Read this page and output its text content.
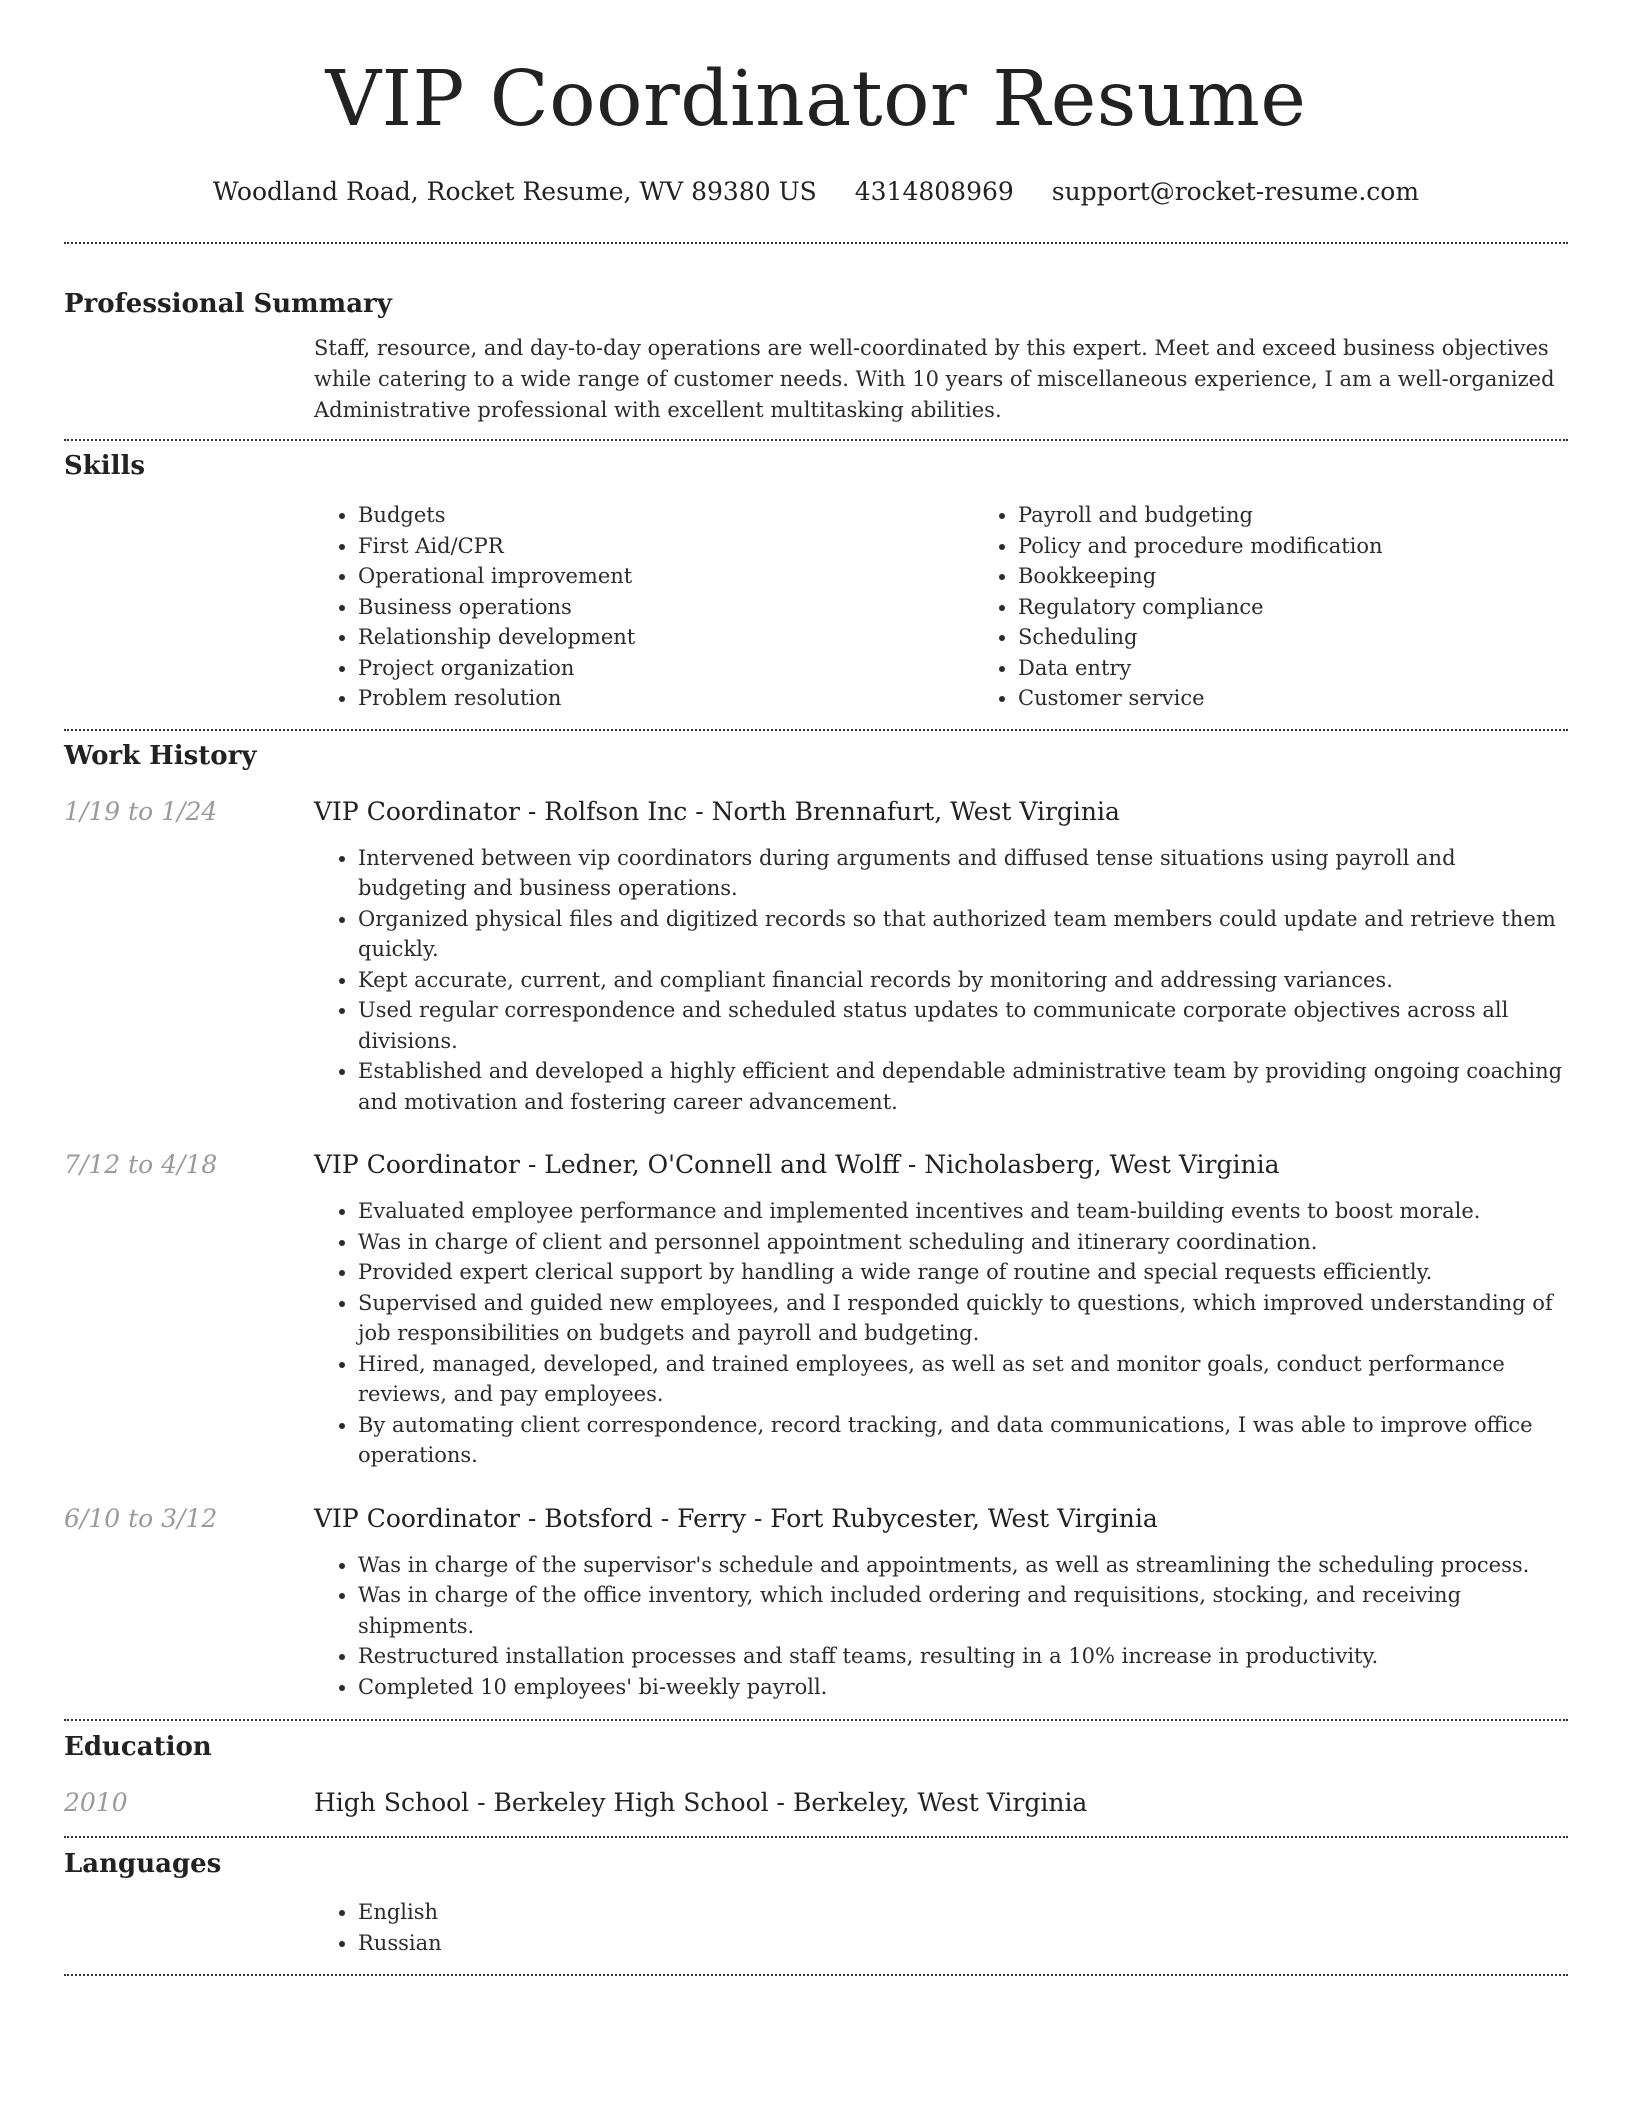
VIP Coordinator Resume
Woodland Road, Rocket Resume, WV 89380 US 4314808969 support@rocket-resume.com
Professional Summary

Staff, resource, and day-to-day operations are well-coordinated by this expert. Meet and exceed business objectives while catering to a wide range of customer needs. With 10 years of miscellaneous experience, I am a well-organized Administrative professional with excellent multitasking abilities.

Skills
• Budgets
• First Aid/CPR
• Operational improvement
• Business operations
• Relationship development
• Project organization
• Problem resolution
• Payroll and budgeting
• Policy and procedure modification
• Bookkeeping
• Regulatory compliance
• Scheduling
• Data entry
• Customer service
Work History
1/19 to 1/24	VIP Coordinator - Rolfson Inc - North Brennafurt, West Virginia
• Intervened between vip coordinators during arguments and diffused tense situations using payroll and budgeting and business operations.
• Organized physical files and digitized records so that authorized team members could update and retrieve them quickly.
• Kept accurate, current, and compliant financial records by monitoring and addressing variances.
• Used regular correspondence and scheduled status updates to communicate corporate objectives across all divisions.
• Established and developed a highly efficient and dependable administrative team by providing ongoing coaching and motivation and fostering career advancement.
7/12 to 4/18	VIP Coordinator - Ledner, O'Connell and Wolff - Nicholasberg, West Virginia
• Evaluated employee performance and implemented incentives and team-building events to boost morale.
• Was in charge of client and personnel appointment scheduling and itinerary coordination.
• Provided expert clerical support by handling a wide range of routine and special requests efficiently.
• Supervised and guided new employees, and I responded quickly to questions, which improved understanding of job responsibilities on budgets and payroll and budgeting.
• Hired, managed, developed, and trained employees, as well as set and monitor goals, conduct performance reviews, and pay employees.
• By automating client correspondence, record tracking, and data communications, I was able to improve office operations.
6/10 to 3/12	VIP Coordinator - Botsford - Ferry - Fort Rubycester, West Virginia
• Was in charge of the supervisor's schedule and appointments, as well as streamlining the scheduling process.
• Was in charge of the office inventory, which included ordering and requisitions, stocking, and receiving shipments.
• Restructured installation processes and staff teams, resulting in a 10% increase in productivity.
• Completed 10 employees' bi-weekly payroll.
Education
2010	High School - Berkeley High School - Berkeley, West Virginia
Languages
• English
• Russian
